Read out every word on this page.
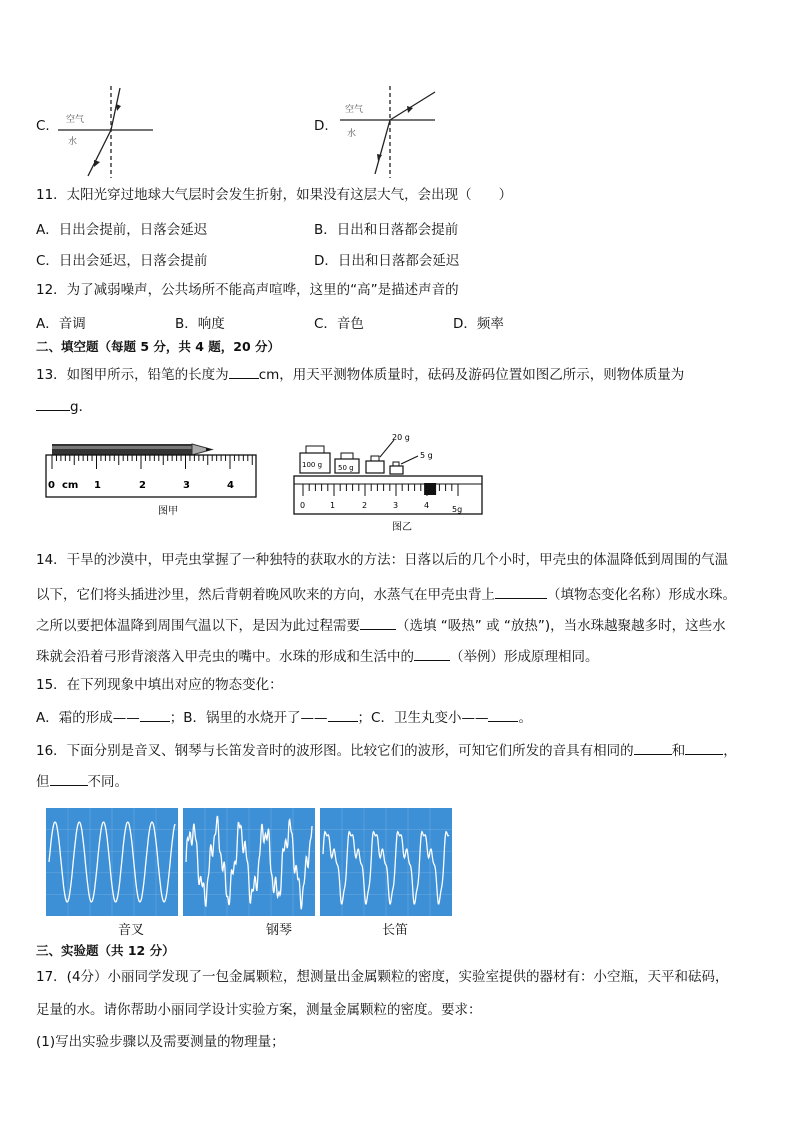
C. 空气
水
D.
空气
水
11．太阳光穿过地球大气层时会发生折射，如果没有这层大气，会出现（　　）
A．日出会提前，日落会延迟	B．日出和日落都会提前
C．日出会延迟，日落会提前	D．日出和日落都会延迟
12．为了减弱噪声，公共场所不能高声喧哗，这里的“高”是描述声音的
A．音调	B．响度	C．音色	D．频率
二、填空题（每题 5 分，共 4 题，20 分）
13．如图甲所示，铅笔的长度为 cm，用天平测物体质量时，砝码及游码位置如图乙所示，则物体质量为
g．
0 cm 1	2	3	4
图甲
100 g 50 g
20 g
5 g
0	1	2	3	4	5g
图乙
14．干旱的沙漠中，甲壳虫掌握了一种独特的获取水的方法：日落以后的几个小时，甲壳虫的体温降低到周围的气温
以下，它们将头插进沙里，然后背朝着晚风吹来的方向，水蒸气在甲壳虫背上	（填物态变化名称）形成水珠。
之所以要把体温降到周围气温以下，是因为此过程需要	（选填 “吸热” 或 “放热”)，当水珠越聚越多时，这些水
珠就会沿着弓形背滚落入甲壳虫的嘴中。水珠的形成和生活中的	（举例）形成原理相同。
15．在下列现象中填出对应的物态变化：
A．霜的形成—— ；B．锅里的水烧开了—— ；C．卫生丸变小—— 。
16．下面分别是音叉、钢琴与长笛发音时的波形图。比较它们的波形，可知它们所发的音具有相同的	和	，
但	不同。
音叉	钢琴	长笛
三、实验题（共 12 分）
17．(4分）小丽同学发现了一包金属颗粒，想测量出金属颗粒的密度，实验室提供的器材有：小空瓶，天平和砝码，
足量的水。请你帮助小丽同学设计实验方案，测量金属颗粒的密度。要求：
(1)写出实验步骤以及需要测量的物理量；
